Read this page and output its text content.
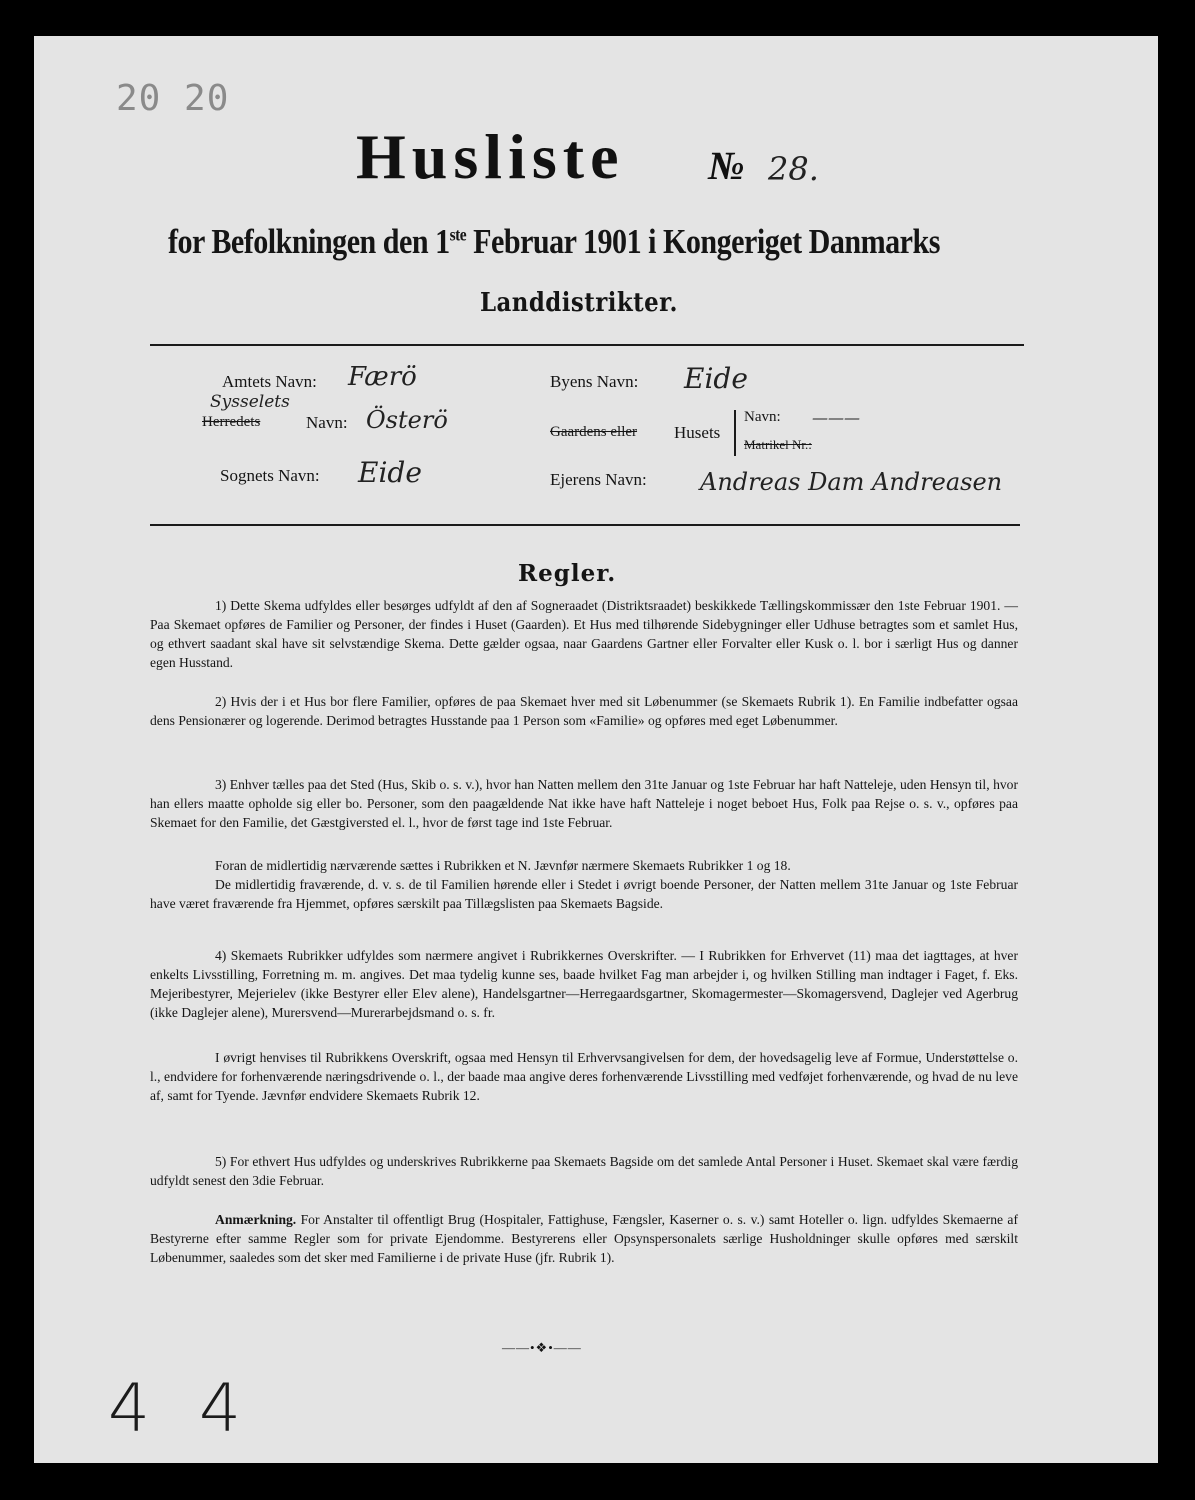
20 20
Husliste № 28.
for Befolkningen den 1ste Februar 1901 i Kongeriget Danmarks
Landdistrikter.
Amtets Navn: Færö
Sysselets
Herredets	Navn: Österö
Sognets Navn: Eide
Byens Navn: Eide
Gaardens eller Husets
Navn: ———
Matrikel Nr.:
Ejerens Navn: Andreas Dam Andreasen
Regler.

1) Dette Skema udfyldes eller besørges udfyldt af den af Sogneraadet (Distriktsraadet) beskikkede Tællingskommissær den 1ste Februar 1901. — Paa Skemaet opføres de Familier og Personer, der findes i Huset (Gaarden). Et Hus med tilhørende Sidebygninger eller Udhuse betragtes som et samlet Hus, og ethvert saadant skal have sit selvstændige Skema. Dette gælder ogsaa, naar Gaardens Gartner eller Forvalter eller Kusk o. l. bor i særligt Hus og danner egen Husstand.

2) Hvis der i et Hus bor flere Familier, opføres de paa Skemaet hver med sit Løbenummer (se Skemaets Rubrik 1). En Familie indbefatter ogsaa dens Pensionærer og logerende. Derimod betragtes Husstande paa 1 Person som «Familie» og opføres med eget Løbenummer.

3) Enhver tælles paa det Sted (Hus, Skib o. s. v.), hvor han Natten mellem den 31te Januar og 1ste Februar har haft Natteleje, uden Hensyn til, hvor han ellers maatte opholde sig eller bo. Personer, som den paagældende Nat ikke have haft Natteleje i noget beboet Hus, Folk paa Rejse o. s. v., opføres paa Skemaet for den Familie, det Gæstgiversted el. l., hvor de først tage ind 1ste Februar.

Foran de midlertidig nærværende sættes i Rubrikken et N. Jævnfør nærmere Skemaets Rubrikker 1 og 18.

De midlertidig fraværende, d. v. s. de til Familien hørende eller i Stedet i øvrigt boende Personer, der Natten mellem 31te Januar og 1ste Februar have været fraværende fra Hjemmet, opføres særskilt paa Tillægslisten paa Skemaets Bagside.

4) Skemaets Rubrikker udfyldes som nærmere angivet i Rubrikkernes Overskrifter. — I Rubrikken for Erhvervet (11) maa det iagttages, at hver enkelts Livsstilling, Forretning m. m. angives. Det maa tydelig kunne ses, baade hvilket Fag man arbejder i, og hvilken Stilling man indtager i Faget, f. Eks. Mejeribestyrer, Mejerielev (ikke Bestyrer eller Elev alene), Handelsgartner—Herregaardsgartner, Skomagermester—Skomagersvend, Daglejer ved Agerbrug (ikke Daglejer alene), Murersvend—Murerarbejdsmand o. s. fr.

I øvrigt henvises til Rubrikkens Overskrift, ogsaa med Hensyn til Erhvervsangivelsen for dem, der hovedsagelig leve af Formue, Understøttelse o. l., endvidere for forhenværende næringsdrivende o. l., der baade maa angive deres forhenværende Livsstilling med vedføjet forhenværende, og hvad de nu leve af, samt for Tyende. Jævnfør endvidere Skemaets Rubrik 12.

5) For ethvert Hus udfyldes og underskrives Rubrikkerne paa Skemaets Bagside om det samlede Antal Personer i Huset. Skemaet skal være færdig udfyldt senest den 3die Februar.

Anmærkning. For Anstalter til offentligt Brug (Hospitaler, Fattighuse, Fængsler, Kaserner o. s. v.) samt Hoteller o. lign. udfyldes Skemaerne af Bestyrerne efter samme Regler som for private Ejendomme. Bestyrerens eller Opsynspersonalets særlige Husholdninger skulle opføres med særskilt Løbenummer, saaledes som det sker med Familierne i de private Huse (jfr. Rubrik 1).

——•❖•——
4 4
